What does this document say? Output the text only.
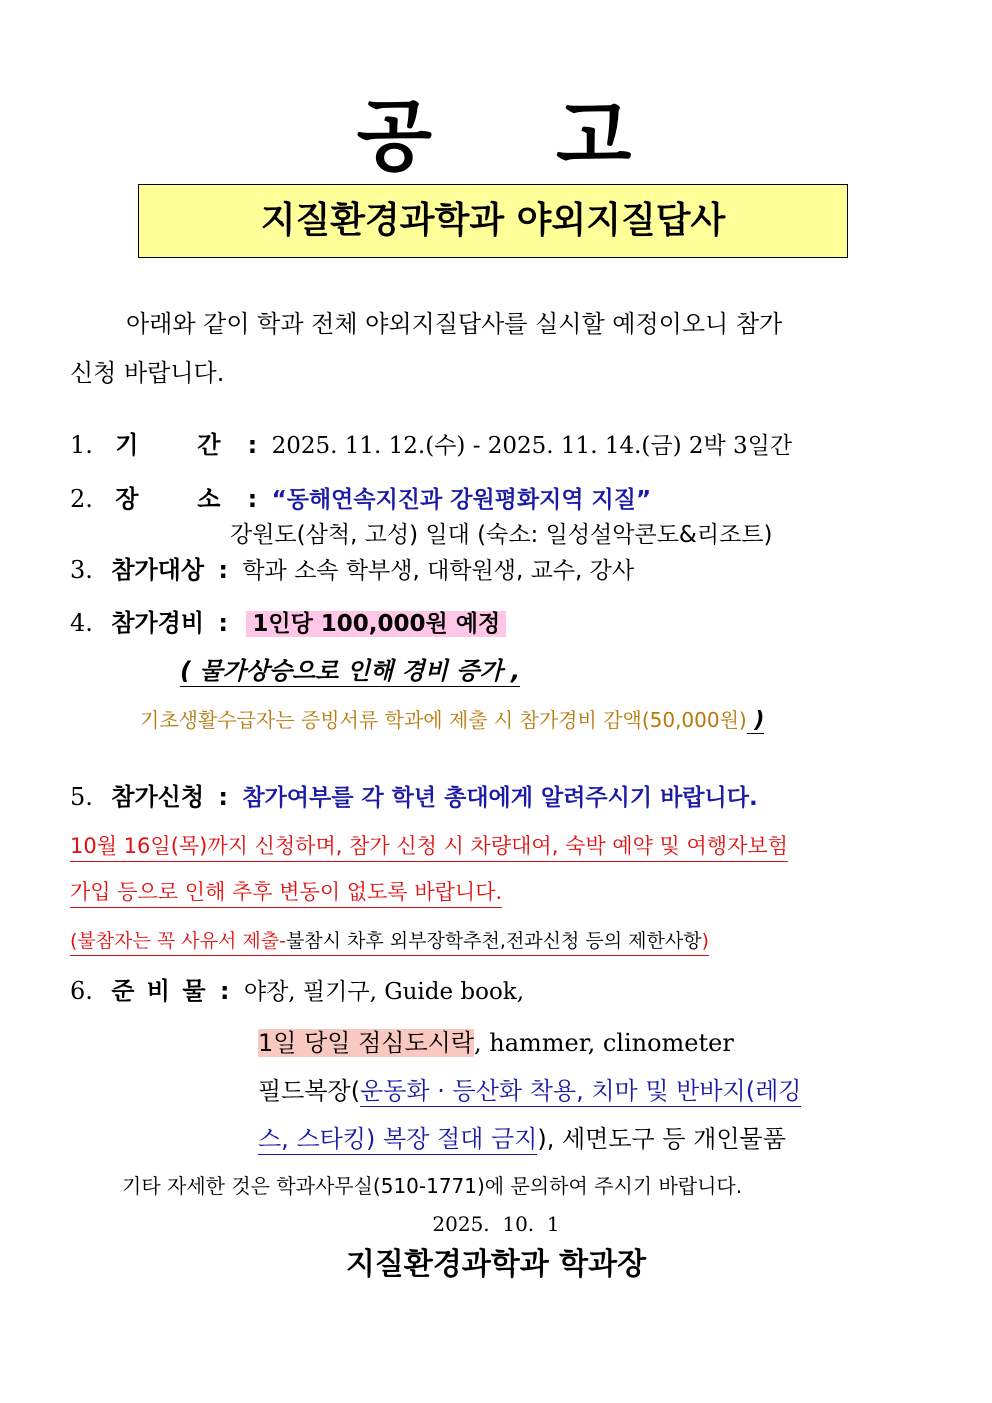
공 고
지질환경과학과 야외지질답사
아래와 같이 학과 전체 야외지질답사를 실시할 예정이오니 참가
신청 바랍니다.
1. 기 간 : 2025. 11. 12.(수) - 2025. 11. 14.(금) 2박 3일간
2. 장 소 : “동해연속지진과 강원평화지역 지질”
강원도(삼척, 고성) 일대 (숙소: 일성설악콘도&리조트)
3. 참가대상 : 학과 소속 학부생, 대학원생, 교수, 강사
4. 참가경비 : 1인당 100,000원 예정
( 물가상승으로 인해 경비 증가 ,
기초생활수급자는 증빙서류 학과에 제출 시 참가경비 감액(50,000원) )
5. 참가신청 : 참가여부를 각 학년 총대에게 알려주시기 바랍니다.
10월 16일(목)까지 신청하며, 참가 신청 시 차량대여, 숙박 예약 및 여행자보험
가입 등으로 인해 추후 변동이 없도록 바랍니다.
(불참자는 꼭 사유서 제출-불참시 차후 외부장학추천,전과신청 등의 제한사항)
6. 준 비 물 : 야장, 필기구, Guide book,
1일 당일 점심도시락, hammer, clinometer
필드복장(운동화 · 등산화 착용, 치마 및 반바지(레깅
스, 스타킹) 복장 절대 금지), 세면도구 등 개인물품
기타 자세한 것은 학과사무실(510-1771)에 문의하여 주시기 바랍니다.
2025.  10.  1
지질환경과학과 학과장
